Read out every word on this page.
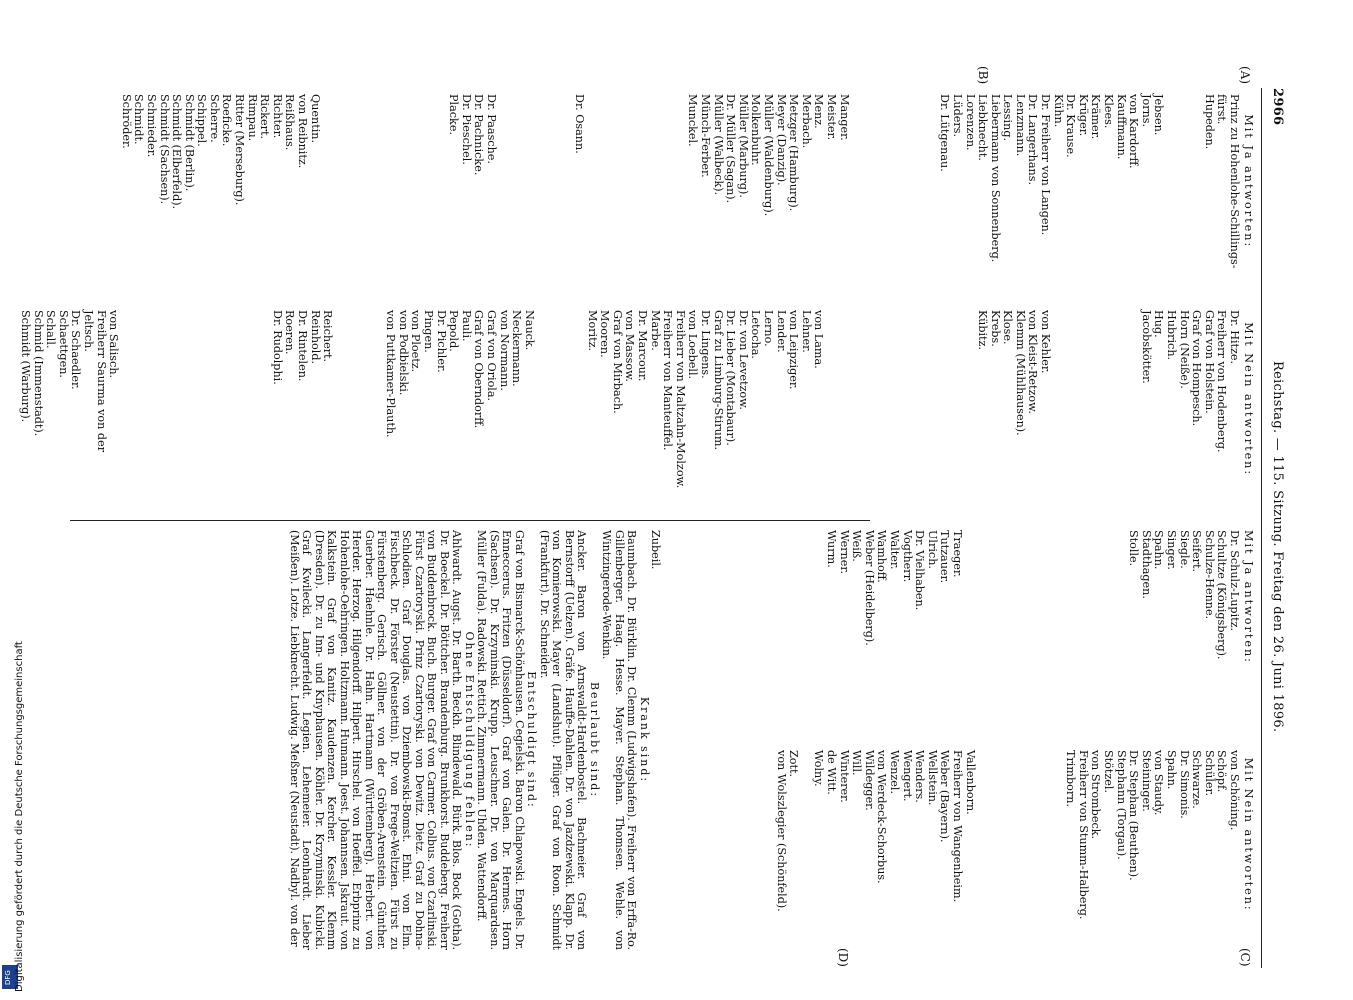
2966
Reichstag. — 115. Sitzung. Freitag den 26. Juni 1896.
(A)
(B)
(C)
(D)
Mit Ja antworten:
Prinz zu Hohenlohe-Schillings-
fürst.
Hupeden.
Jebsen.
Jorns.
von Kardorff.
Kauffmann.
Klees.
Krämer.
Krüger.
Dr. Krause.
Kühn.
Dr. Freiherr von Langen.
Dr. Langerhans.
Lenzmann.
Lessing.
Liebermann von Sonnenberg.
Liebknecht.
Lorenzen.
Lüders.
Dr. Lütgenau.
Manger.
Meister.
Menz.
Merbach.
Metzger (Hamburg).
Meyer (Danzig).
Müller (Waldenburg).
Molkenbuhr.
Müller (Marburg).
Dr. Müller (Sagan).
Müller (Walbeck).
Münch-Ferber.
Munckel.
Dr. Osann.
Dr. Paasche.
Dr. Pachnicke.
Dr. Pieschel.
Placke.
Quentin.
von Reibnitz.
Reißhaus.
Richter.
Rickert.
Rimpau.
Ritter (Merseburg).
Roeficke.
Scherre.
Schippel.
Schmidt (Berlin).
Schmidt (Elberfeld).
Schmidt (Sachsen).
Schmieder.
Schmidt.
Schröder.
Mit Nein antworten:
Dr. Hitze.
Freiherr von Hodenberg.
Graf von Holstein.
Graf von Hompesch.
Horn (Neiße).
Hubrich.
Hug.
Jacobskötter.
von Kehler.
von Kleist-Retzow.
Klemm (Mühlhausen).
Klose.
Krebs.
Kübitz.
von Lama.
Lehner.
von Leipziger.
Lender.
Lerno.
Letocha.
Dr. von Levetzow.
Dr. Lieber (Montabaur).
Graf zu Limburg-Stirum.
Dr. Lingens.
von Loebell.
Freiherr von Maltzahn-Molzow.
Freiherr von Manteuffel.
Marbe.
Dr. Marcour.
von Massow.
Graf von Mirbach.
Mooren.
Moritz.
Nauck.
Neckermann.
von Normann.
Graf von Oriola.
Graf von Oberndorff.
Pauli.
Pepold.
Dr. Pichler.
Pingen.
von Ploetz.
von Podbielski.
von Puttkamer-Plauth.
Reichert.
Reinhold.
Dr. Rintelen.
Roeren.
Dr. Rudolphi.
von Salisch.
Freiherr Saurma von der
Jeltsch.
Dr. Schaedler.
Schaettgen.
Schall.
Schmid (Immenstadt).
Schmidt (Warburg).
Mit Ja antworten:
Dr. Schulz-Lupitz.
Schultze (Königsberg).
Schulze-Henne.
Seifert.
Siegle.
Singer.
Spahn.
Stadthagen.
Stolle.
Traeger.
Tutzauer.
Ulrich.
Dr. Vielhaben.
Vogtherr.
Walter.
Wamhoff.
Weber (Heidelberg).
Weiß.
Werner.
Wurm.
Zubeil.
Mit Nein antworten:
von Schöning.
Schöpf.
Schüler.
Schwarze.
Dr. Simonis.
Spahn.
von Staudy.
Steininger.
Dr. Stephan (Beuthen).
Stephann (Torgau).
Stötzel.
von Strombeck.
Freiherr von Stumm-Halberg.
Trimborn.
Vallenborn.
Freiherr von Wangenheim.
Weber (Bayern).
Wellstein.
Wenders.
Wengert.
Wenzel.
von Werdeck-Schorbus.
Wildegger.
Will.
Winterer.
de Witt.
Wolny.
Zott.
von Wolszlegier (Schönfeld).
Krank sind:
Baumbach. Dr. Bürklin. Dr. Clemm (Ludwigshafen). Freiherr von Erffa-Ro. Gillenberger. Haag. Hesse. Mayer. Stephan. Thomsen. Wehle. von Wintzingerode-Wenkin.
Beurlaubt sind:
Ancker. Baron von Arnswaldt-Hardenbostel. Bachmeier. Graf von Bernstorff (Uelzen). Gräfe. Hauffe-Dahlen. Dr. von Jazdzewski. Klapp. Dr. von Komierowski. Mayer (Landshut). Pflüger. Graf von Roon. Schmidt (Frankfurt). Dr. Schneider.
Entschuldigt sind:
Graf von Bismarck-Schönhausen. Cegielski. Baron Chlapowski. Engels. Dr. Enneccerus. Fritzen (Düsseldorf). Graf von Galen. Dr. Hermes. Horn (Sachsen). Dr. Krzyminski. Krupp. Leuschner. Dr. von Marquardsen. Müller (Fulda). Radowski. Rettich. Zimmermann. Uhden. Wattendorff.
Ohne Entschuldigung fehlen:
Ahlwardt. Augst. Dr. Barth. Beckh. Blindewald. Bürk. Blos. Bock (Gotha). Dr. Boeckel. Dr. Böttcher. Brandenburg. Brunkhorst. Buddeberg. Freiherr von Buddenbrock. Buch. Burger. Graf von Carmer. Colbus. von Czarlinski. Fürst Czartoryski. Prinz Czartoryski. von Dewitz. Dietz. Graf zu Dohna-Schlodien. Graf Douglas. von Dziembowski-Bomst. Ehni. von Elm. Fischbeck. Dr. Förster (Neustettin). Dr. von Frege-Weltzien. Fürst zu Fürstenberg. Gerisch. Göllner. von der Gröben-Arenstein. Günther. Guerber. Haehnle. Dr. Hahn. Hartmann (Württemberg). Herbert. von Herder. Herzog. Hilgendorff. Hilpert. Hirschel. von Hoeffel. Erbprinz zu Hohenlohe-Oehringen. Holtzmann. Humann. Joest. Johannsen. Jskraut. von Kalkstein. Graf von Kanitz. Kaudenzen. Kercher. Kessler. Klemm (Dresden). Dr. zu Inn- und Knyphausen. Köhler. Dr. Krzyminski. Kubicki. Graf Kwilecki. Langerfeldt. Legien. Lehemeier. Leonhardt. Lieber (Meißen). Lotze. Liebknecht. Ludwig. Meßner (Neustadt). Nadbyl. von der
DFG Digitalisierung gefördert durch die Deutsche Forschungsgemeinschaft
